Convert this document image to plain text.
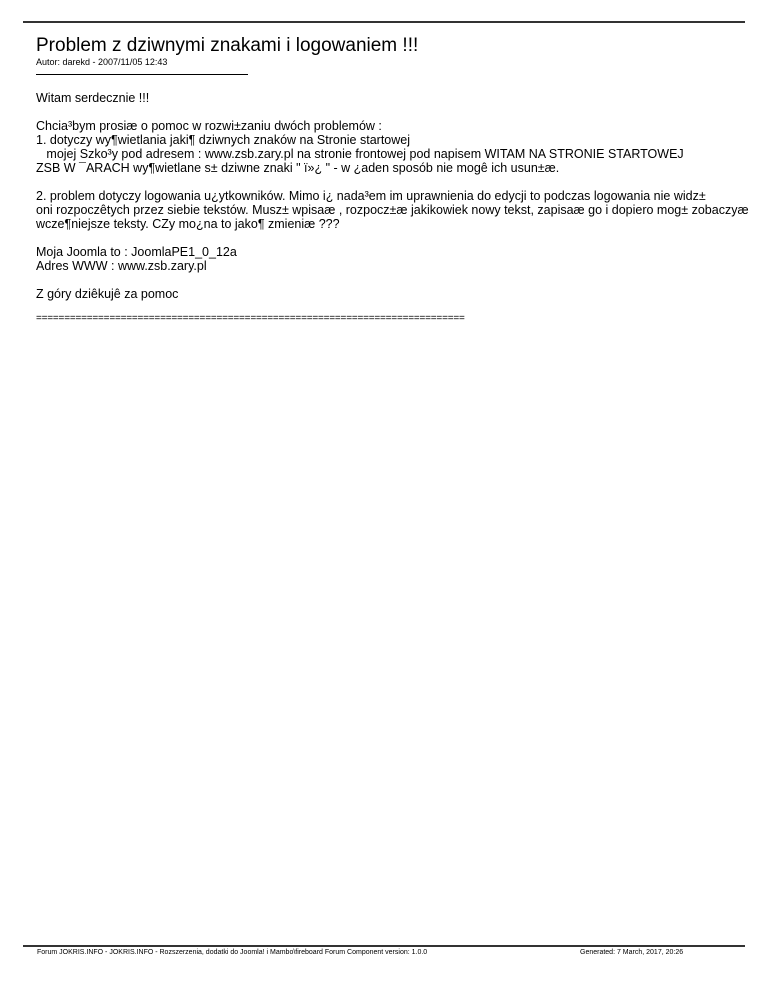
Problem z dziwnymi znakami i logowaniem !!!
Autor: darekd - 2007/11/05 12:43

Witam serdecznie !!!

Chcia³bym prosiæ o pomoc w rozwi±zaniu dwóch problemów :
1. dotyczy wy¶wietlania jaki¶ dziwnych znaków na Stronie startowej
mojej Szko³y pod adresem : www.zsb.zary.pl na stronie frontowej pod napisem WITAM NA STRONIE STARTOWEJ
ZSB W ¯ARACH wy¶wietlane s± dziwne znaki " ï»¿ " - w ¿aden sposób nie mogê ich usun±æ.

2. problem dotyczy logowania u¿ytkowników. Mimo i¿ nada³em im uprawnienia do edycji to podczas logowania nie widz±
oni rozpoczêtych przez siebie tekstów. Musz± wpisaæ , rozpocz±æ jakikowiek nowy tekst, zapisaæ go i dopiero mog± zobaczyæ
wcze¶niejsze teksty. CZy mo¿na to jako¶ zmieniæ ???

Moja Joomla to : JoomlaPE1_0_12a
Adres WWW : www.zsb.zary.pl

Z góry dziêkujê za pomoc

============================================================================

Forum JOKRIS.INFO - JOKRIS.INFO - Rozszerzenia, dodatki do Joomla! i Mambo\fireboard Forum Component version: 1.0.0	Generated: 7 March, 2017, 20:26
